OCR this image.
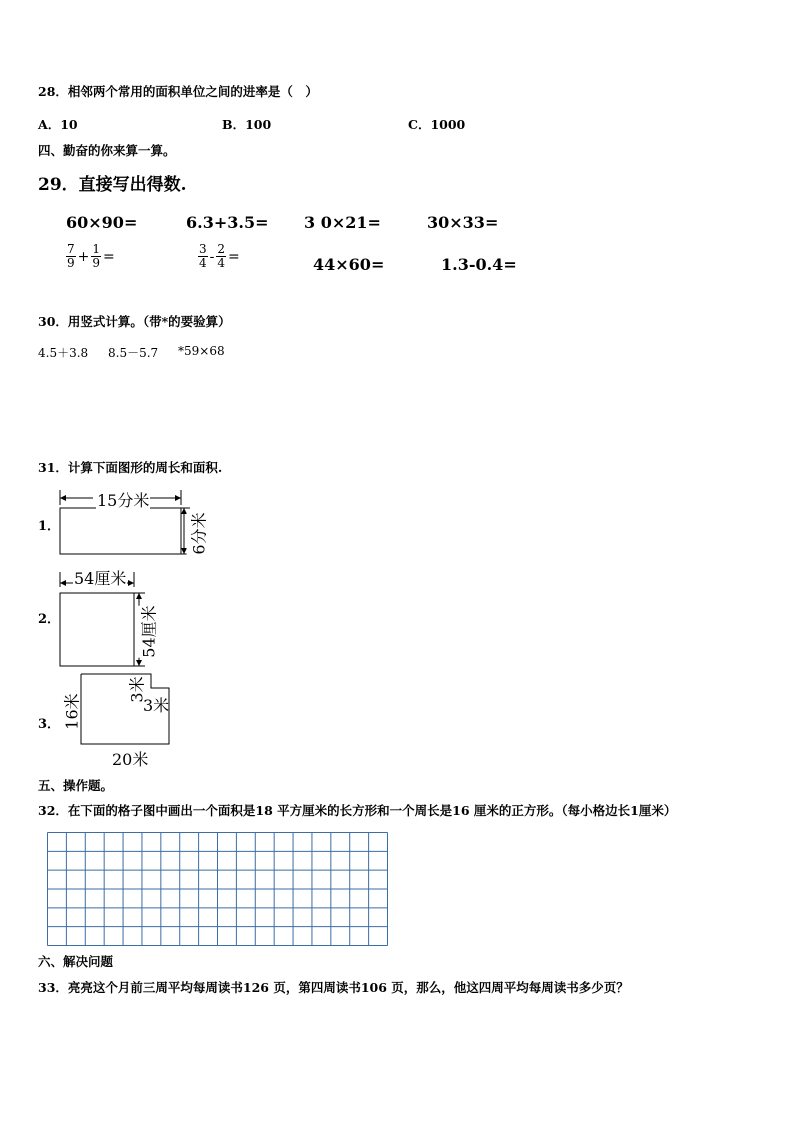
28．相邻两个常用的面积单位之间的进率是（　）
A．10	B．100	C．1000
四、勤奋的你来算一算。
29．直接写出得数.
60×90=	6.3+3.5= 3 0×21=	30×33=
$\frac{7}{9} + \frac{1}{9}$ =	$\frac{3}{4} - \frac{2}{4}$ =	44×60=	1.3-0.4=
30．用竖式计算。（带*的要验算）
4.5＋3.8 8.5－5.7 *59×68
31．计算下面图形的周长和面积.
1．
15分米
6分米
2．
54厘米
54厘米
3． 16米
3米
3米
20米
五、操作题。
32．在下面的格子图中画出一个面积是18 平方厘米的长方形和一个周长是16 厘米的正方形。（每小格边长1厘米）
六、解决问题
33．亮亮这个月前三周平均每周读书126 页，第四周读书106 页，那么，他这四周平均每周读书多少页？
